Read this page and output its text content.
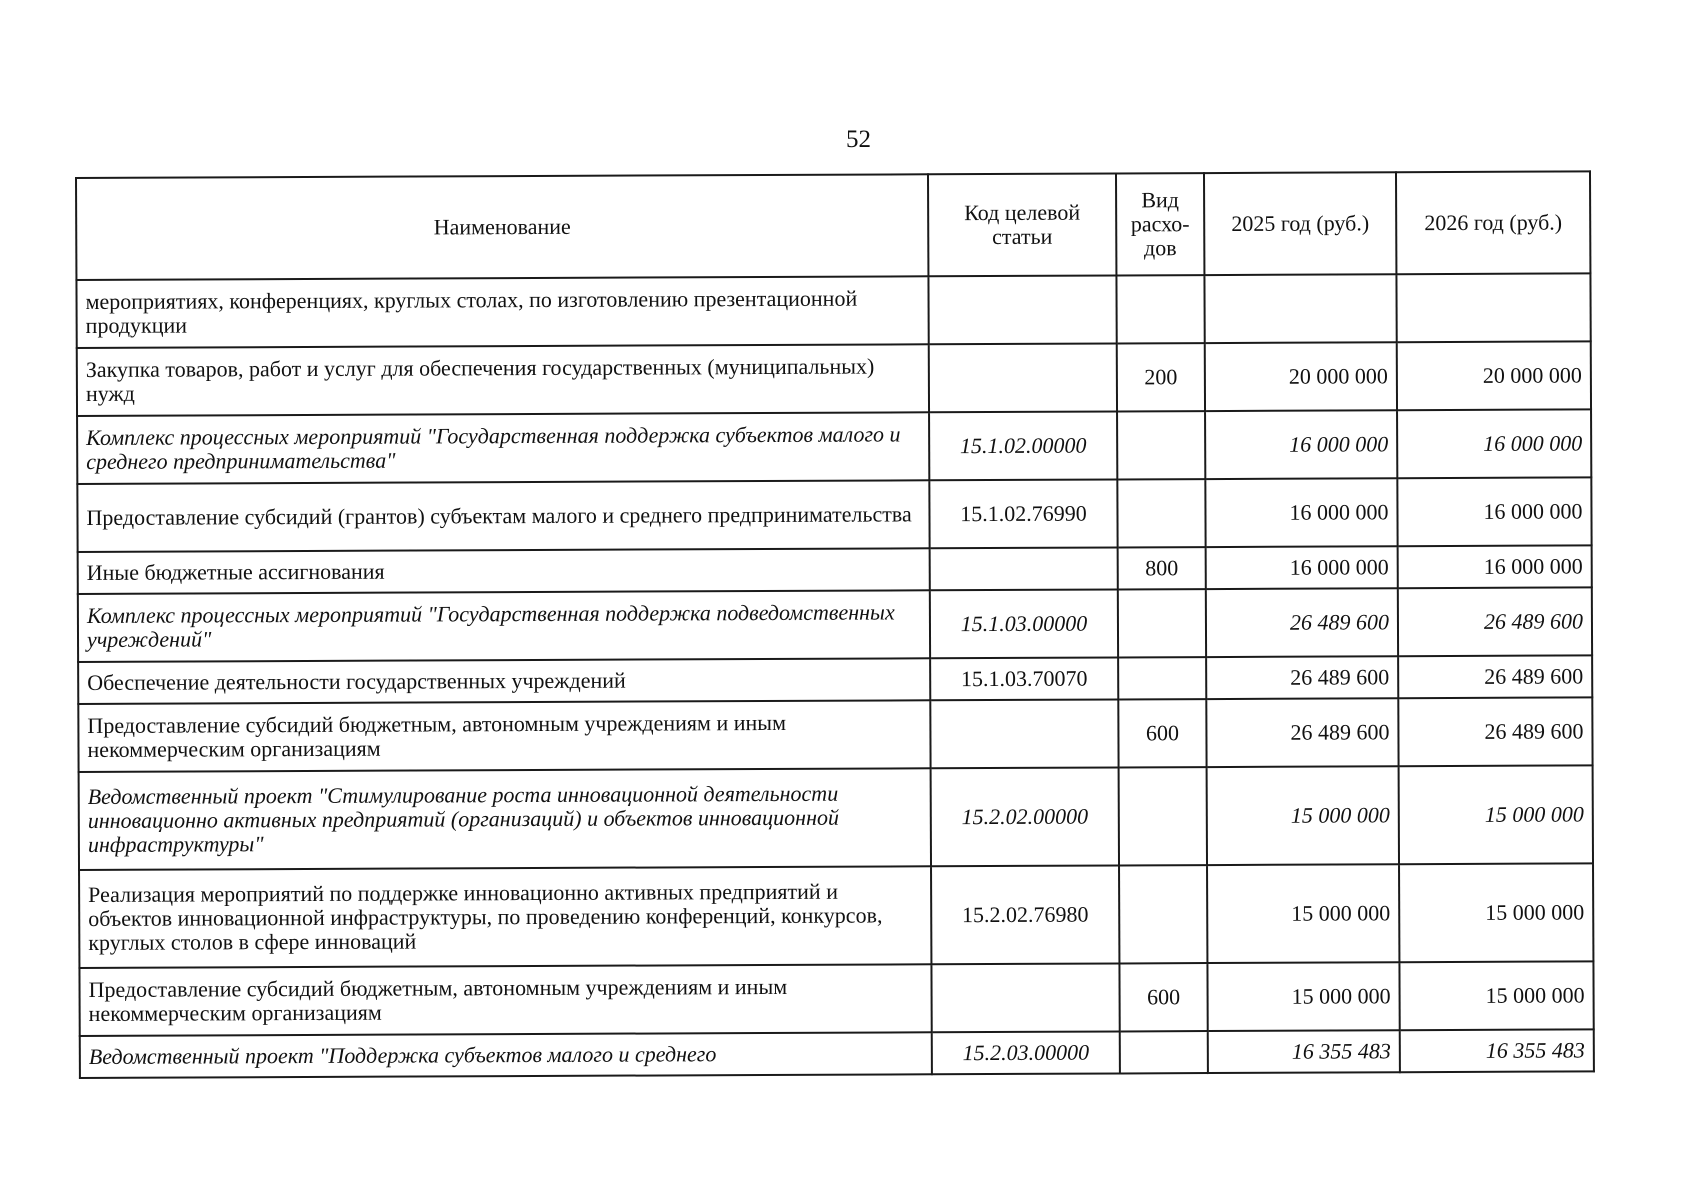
52
Наименование	Код целевой статьи	Вид расхо-дов	2025 год (руб.)	2026 год (руб.)
мероприятиях, конференциях, круглых столах, по изготовлению презентационной продукции				
Закупка товаров, работ и услуг для обеспечения государственных (муниципальных) нужд		200	20 000 000	20 000 000
Комплекс процессных мероприятий "Государственная поддержка субъектов малого и среднего предпринимательства"	15.1.02.00000		16 000 000	16 000 000
Предоставление субсидий (грантов) субъектам малого и среднего предпринимательства	15.1.02.76990		16 000 000	16 000 000
Иные бюджетные ассигнования		800	16 000 000	16 000 000
Комплекс процессных мероприятий "Государственная поддержка подведомственных учреждений"	15.1.03.00000		26 489 600	26 489 600
Обеспечение деятельности государственных учреждений	15.1.03.70070		26 489 600	26 489 600
Предоставление субсидий бюджетным, автономным учреждениям и иным некоммерческим организациям		600	26 489 600	26 489 600
Ведомственный проект "Стимулирование роста инновационной деятельности инновационно активных предприятий (организаций) и объектов инновационной инфраструктуры"	15.2.02.00000		15 000 000	15 000 000
Реализация мероприятий по поддержке инновационно активных предприятий и объектов инновационной инфраструктуры, по проведению конференций, конкурсов, круглых столов в сфере инноваций	15.2.02.76980		15 000 000	15 000 000
Предоставление субсидий бюджетным, автономным учреждениям и иным некоммерческим организациям		600	15 000 000	15 000 000
Ведомственный проект "Поддержка субъектов малого и среднего	15.2.03.00000		16 355 483	16 355 483
